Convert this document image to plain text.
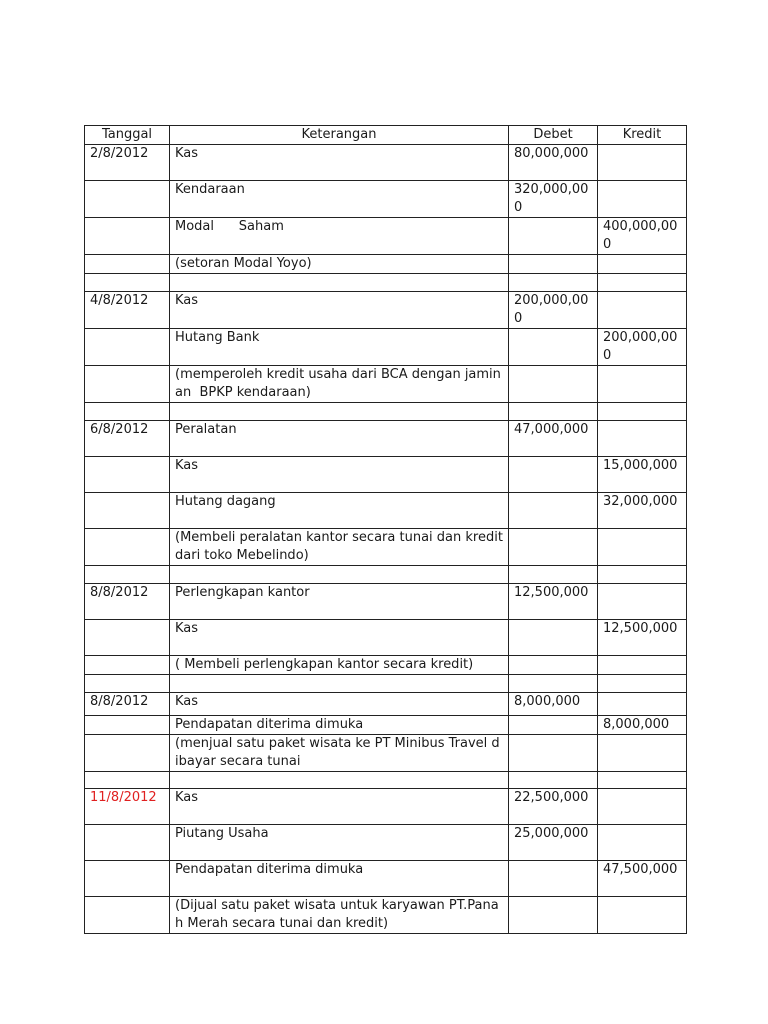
Tanggal	Keterangan	Debet	Kredit
2/8/2012	Kas	80,000,000	
	Kendaraan	320,000,000	
	Modal      Saham		400,000,000
	(setoran Modal Yoyo)		

4/8/2012	Kas	200,000,000	
	Hutang Bank		200,000,000
	(memperoleh kredit usaha dari BCA dengan jaminan  BPKP kendaraan)		

6/8/2012	Peralatan	47,000,000	
	Kas		15,000,000
	Hutang dagang		32,000,000
	(Membeli peralatan kantor secara tunai dan kredit dari toko Mebelindo)		

8/8/2012	Perlengkapan kantor	12,500,000	
	Kas		12,500,000
	( Membeli perlengkapan kantor secara kredit)		

8/8/2012	Kas	8,000,000	
	Pendapatan diterima dimuka		8,000,000
	(menjual satu paket wisata ke PT Minibus Travel dibayar secara tunai		

11/8/2012	Kas	22,500,000	
	Piutang Usaha	25,000,000	
	Pendapatan diterima dimuka		47,500,000
	(Dijual satu paket wisata untuk karyawan PT.Panah Merah secara tunai dan kredit)		
